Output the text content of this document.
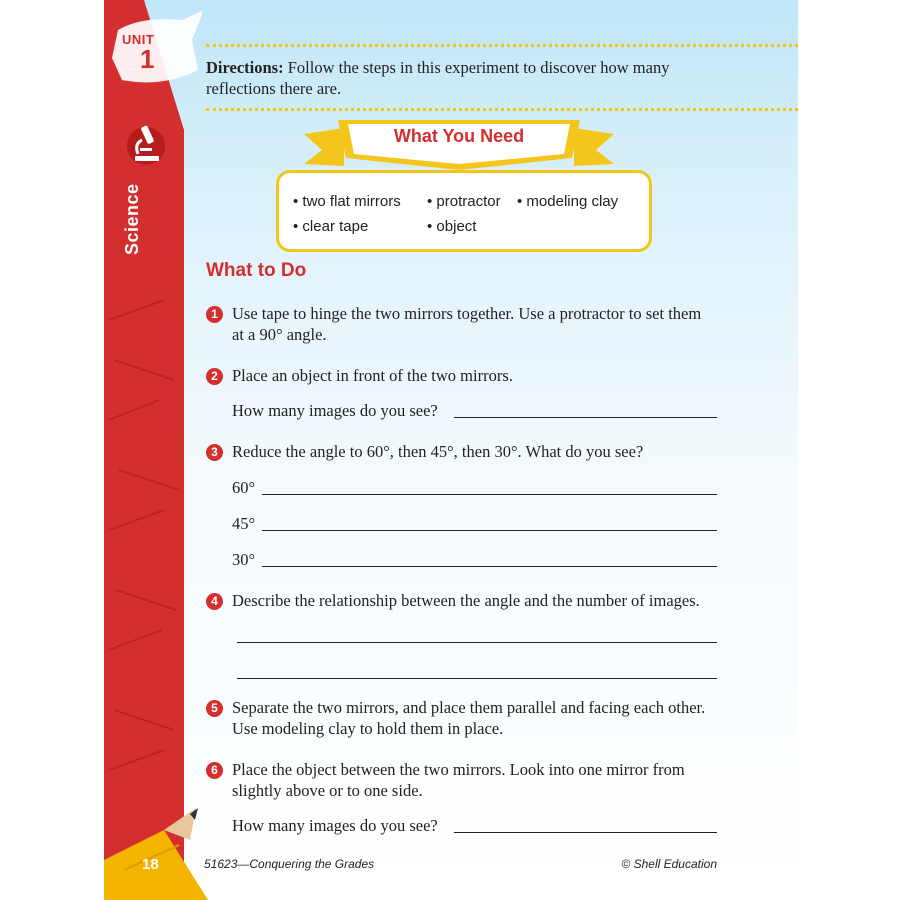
UNIT
1
Science
18
Directions: Follow the steps in this experiment to discover how many reflections there are.
• two flat mirrors • protractor • modeling clay
• clear tape	• object
What You Need
What to Do
1 Use tape to hinge the two mirrors together. Use a protractor to set them at a 90° angle.
2 Place an object in front of the two mirrors.
How many images do you see?
3 Reduce the angle to 60°, then 45°, then 30°. What do you see?
60°
45°
30°
4 Describe the relationship between the angle and the number of images.
5 Separate the two mirrors, and place them parallel and facing each other. Use modeling clay to hold them in place.
6 Place the object between the two mirrors. Look into one mirror from slightly above or to one side.
How many images do you see?
51623—Conquering the Grades	© Shell Education
